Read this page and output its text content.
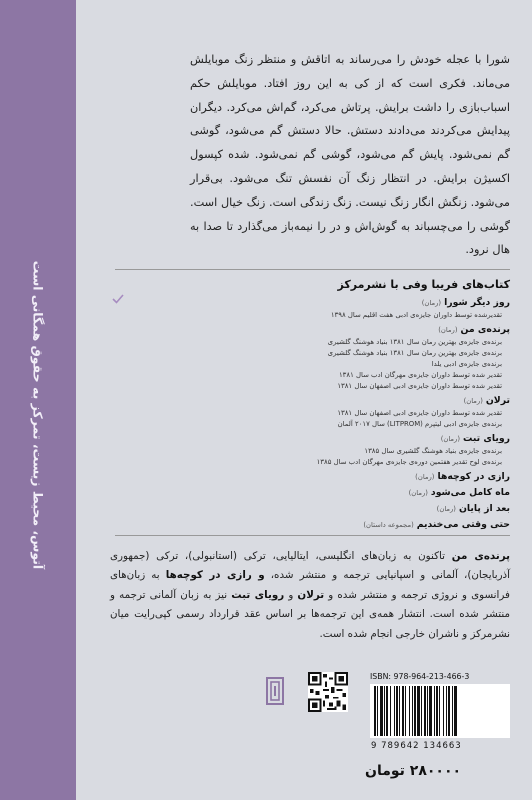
آتوس، محیط زیست، تمرکز به حقوق همگانی است
شورا با عجله خودش را می‌رساند به اتاقش و منتظر زنگ موبایلش می‌ماند. فکری است که از کی به این روز افتاد. موبایلش حکم اسباب‌بازی را داشت برایش. پرتاش می‌کرد، گم‌اش می‌کرد. دیگران پیدایش می‌کردند می‌دادند دستش. حالا دستش گم می‌شود، گوشی گم نمی‌شود. پایش گم می‌شود، گوشی گم نمی‌شود. شده کپسول اکسیژن برایش. در انتظار زنگ آن نفسش تنگ می‌شود. بی‌قرار می‌شود. زنگش انگار زنگ نیست. زنگ زندگی است. زنگ خیال است. گوشی را می‌چسباند به گوش‌اش و در را نیمه‌باز می‌گذارد تا صدا به هال نرود.
کتاب‌های فریبا وفی با نشرمرکز
روز دیگر شورا(رمان)
تقدیرشده توسط داوران جایزه‌ی ادبی هفت اقلیم سال ۱۳۹۸
پرنده‌ی من(رمان)
برنده‌ی جایزه‌ی بهترین رمان سال ۱۳۸۱ بنیاد هوشنگ گلشیری
برنده‌ی جایزه‌ی بهترین رمان سال ۱۳۸۱ بنیاد هوشنگ گلشیری
برنده‌ی جایزه‌ی ادبی یلدا
تقدیر شده توسط داوران جایزه‌ی مهرگان ادب سال ۱۳۸۱
تقدیر شده توسط داوران جایزه‌ی ادبی اصفهان سال ۱۳۸۱
ترلان(رمان)
تقدیر شده توسط داوران جایزه‌ی ادبی اصفهان سال ۱۳۸۱
برنده‌ی جایزه‌ی ادبی لیتپرم (LITPROM) سال ۲۰۱۷ آلمان
رویای تبت(رمان)
برنده‌ی جایزه‌ی بنیاد هوشنگ گلشیری سال ۱۳۸۵
برنده‌ی لوح تقدیر هفتمین دوره‌ی جایزه‌ی مهرگان ادب سال ۱۳۸۵
رازی در کوچه‌ها(رمان)
ماه کامل می‌شود(رمان)
بعد از پایان(رمان)
حتی وقتی می‌خندیم(مجموعه داستان)
پرنده‌ی من تاکنون به زبان‌های انگلیسی، ایتالیایی، ترکی (استانبولی)، ترکی (جمهوری آذربایجان)، آلمانی و اسپانیایی ترجمه و منتشر شده، و رازی در کوچه‌ها به زبان‌های فرانسوی و نروژی ترجمه و منتشر شده و ترلان و رویای تبت نیز به زبان آلمانی ترجمه و منتشر شده است. انتشار همه‌ی این ترجمه‌ها بر اساس عقد قرارداد رسمی کپی‌رایت میان نشرمرکز و ناشران خارجی انجام شده است.
ISBN: 978-964-213-466-3
9 789642 134663
۲۸۰۰۰۰ تومان
